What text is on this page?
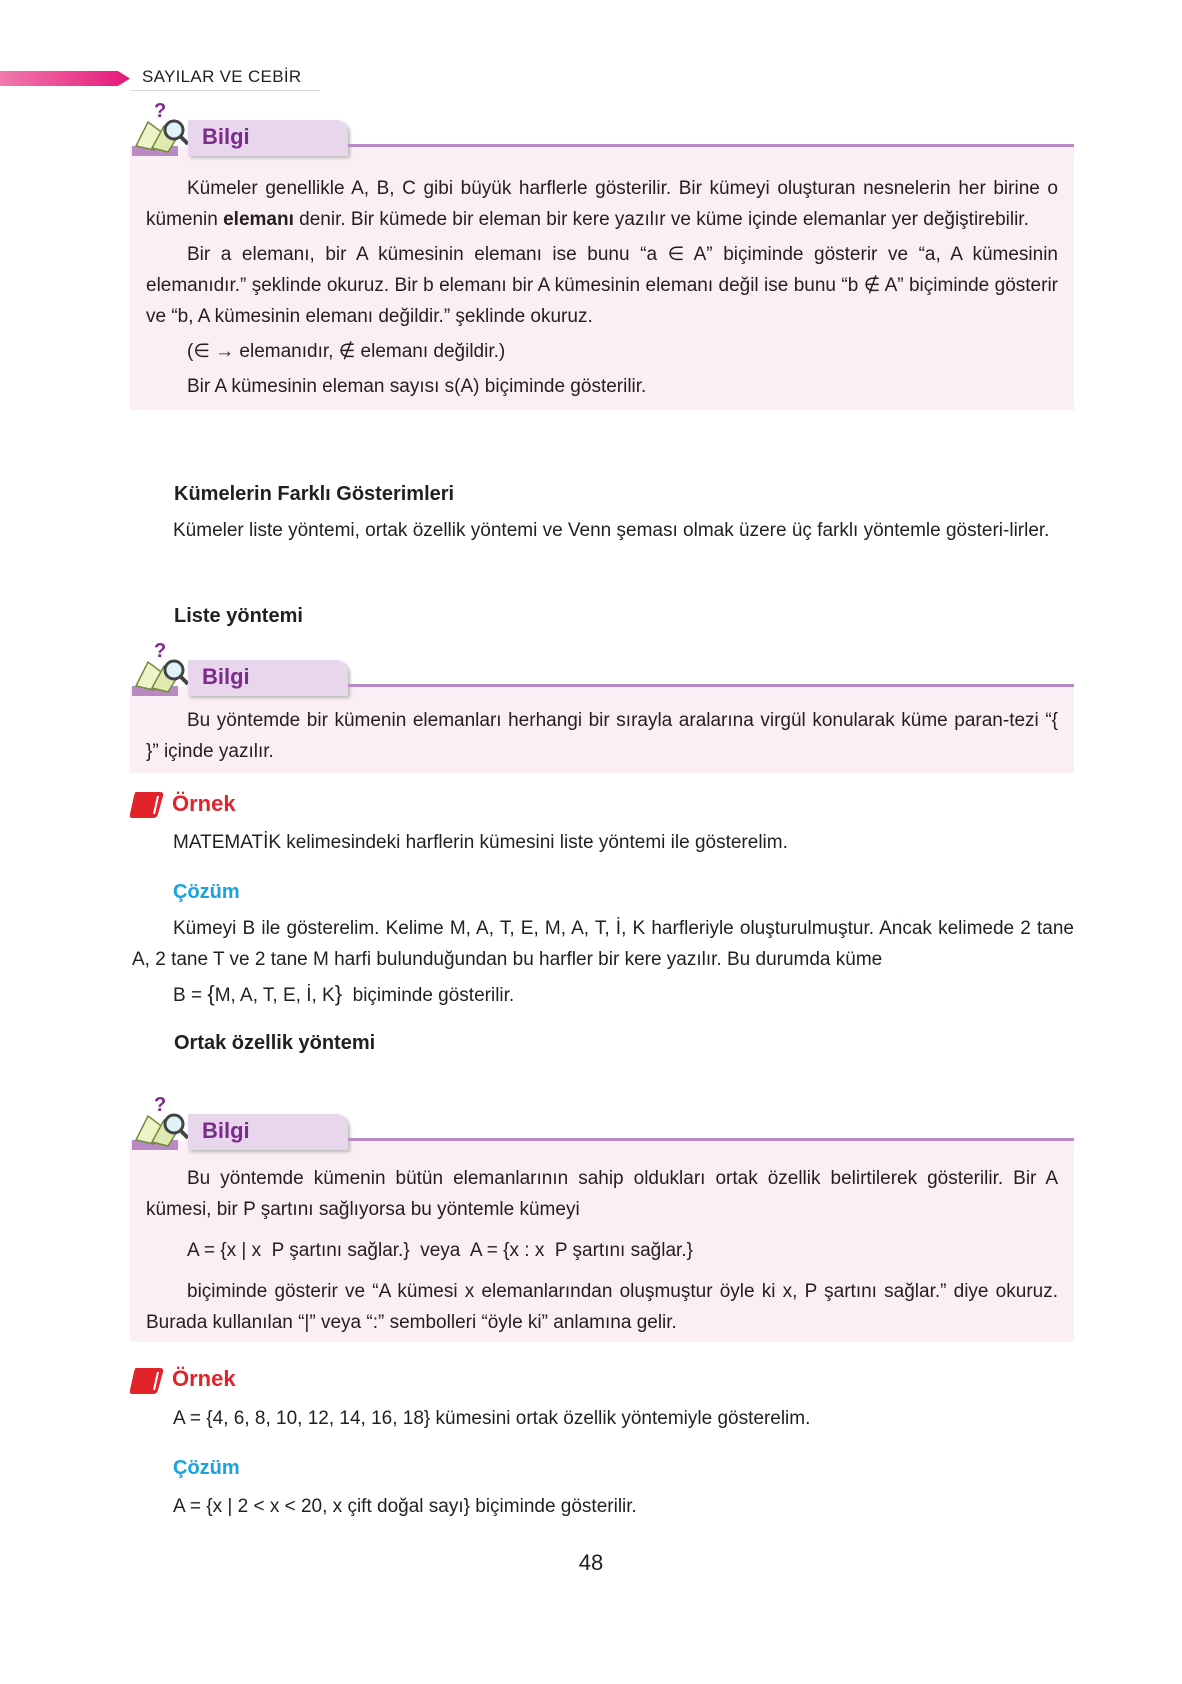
SAYILAR VE CEBİR
?
Bilgi

Kümeler genellikle A, B, C gibi büyük harflerle gösterilir. Bir kümeyi oluşturan nesnelerin her birine o kümenin elemanı denir. Bir kümede bir eleman bir kere yazılır ve küme içinde elemanlar yer değiştirebilir.

Bir a elemanı, bir A kümesinin elemanı ise bunu “a ∈ A” biçiminde gösterir ve “a, A kümesinin elemanıdır.” şeklinde okuruz. Bir b elemanı bir A kümesinin elemanı değil ise bunu “b ∉ A” biçiminde gösterir ve “b, A kümesinin elemanı değildir.” şeklinde okuruz.

(∈ → elemanıdır, ∉ elemanı değildir.)

Bir A kümesinin eleman sayısı s(A) biçiminde gösterilir.

Kümelerin Farklı Gösterimleri

Kümeler liste yöntemi, ortak özellik yöntemi ve Venn şeması olmak üzere üç farklı yöntemle gösteri-lirler.

Liste yöntemi
?
Bilgi

Bu yöntemde bir kümenin elemanları herhangi bir sırayla aralarına virgül konularak küme paran-tezi “{ }” içinde yazılır.

Örnek
MATEMATİK kelimesindeki harflerin kümesini liste yöntemi ile gösterelim.
Çözüm

Kümeyi B ile gösterelim. Kelime M, A, T, E, M, A, T, İ, K harfleriyle oluşturulmuştur. Ancak kelimede 2 tane A, 2 tane T ve 2 tane M harfi bulunduğundan bu harfler bir kere yazılır. Bu durumda küme

B = {M, A, T, E, İ, K}  biçiminde gösterilir.
Ortak özellik yöntemi
?
Bilgi

Bu yöntemde kümenin bütün elemanlarının sahip oldukları ortak özellik belirtilerek gösterilir. Bir A kümesi, bir P şartını sağlıyorsa bu yöntemle kümeyi

A = {x | x  P şartını sağlar.}  veya  A = {x : x  P şartını sağlar.}

biçiminde gösterir ve “A kümesi x elemanlarından oluşmuştur öyle ki x, P şartını sağlar.” diye okuruz. Burada kullanılan “|” veya “:” sembolleri “öyle ki” anlamına gelir.

Örnek
A = {4, 6, 8, 10, 12, 14, 16, 18} kümesini ortak özellik yöntemiyle gösterelim.
Çözüm
A = {x | 2 < x < 20, x çift doğal sayı} biçiminde gösterilir.
48
